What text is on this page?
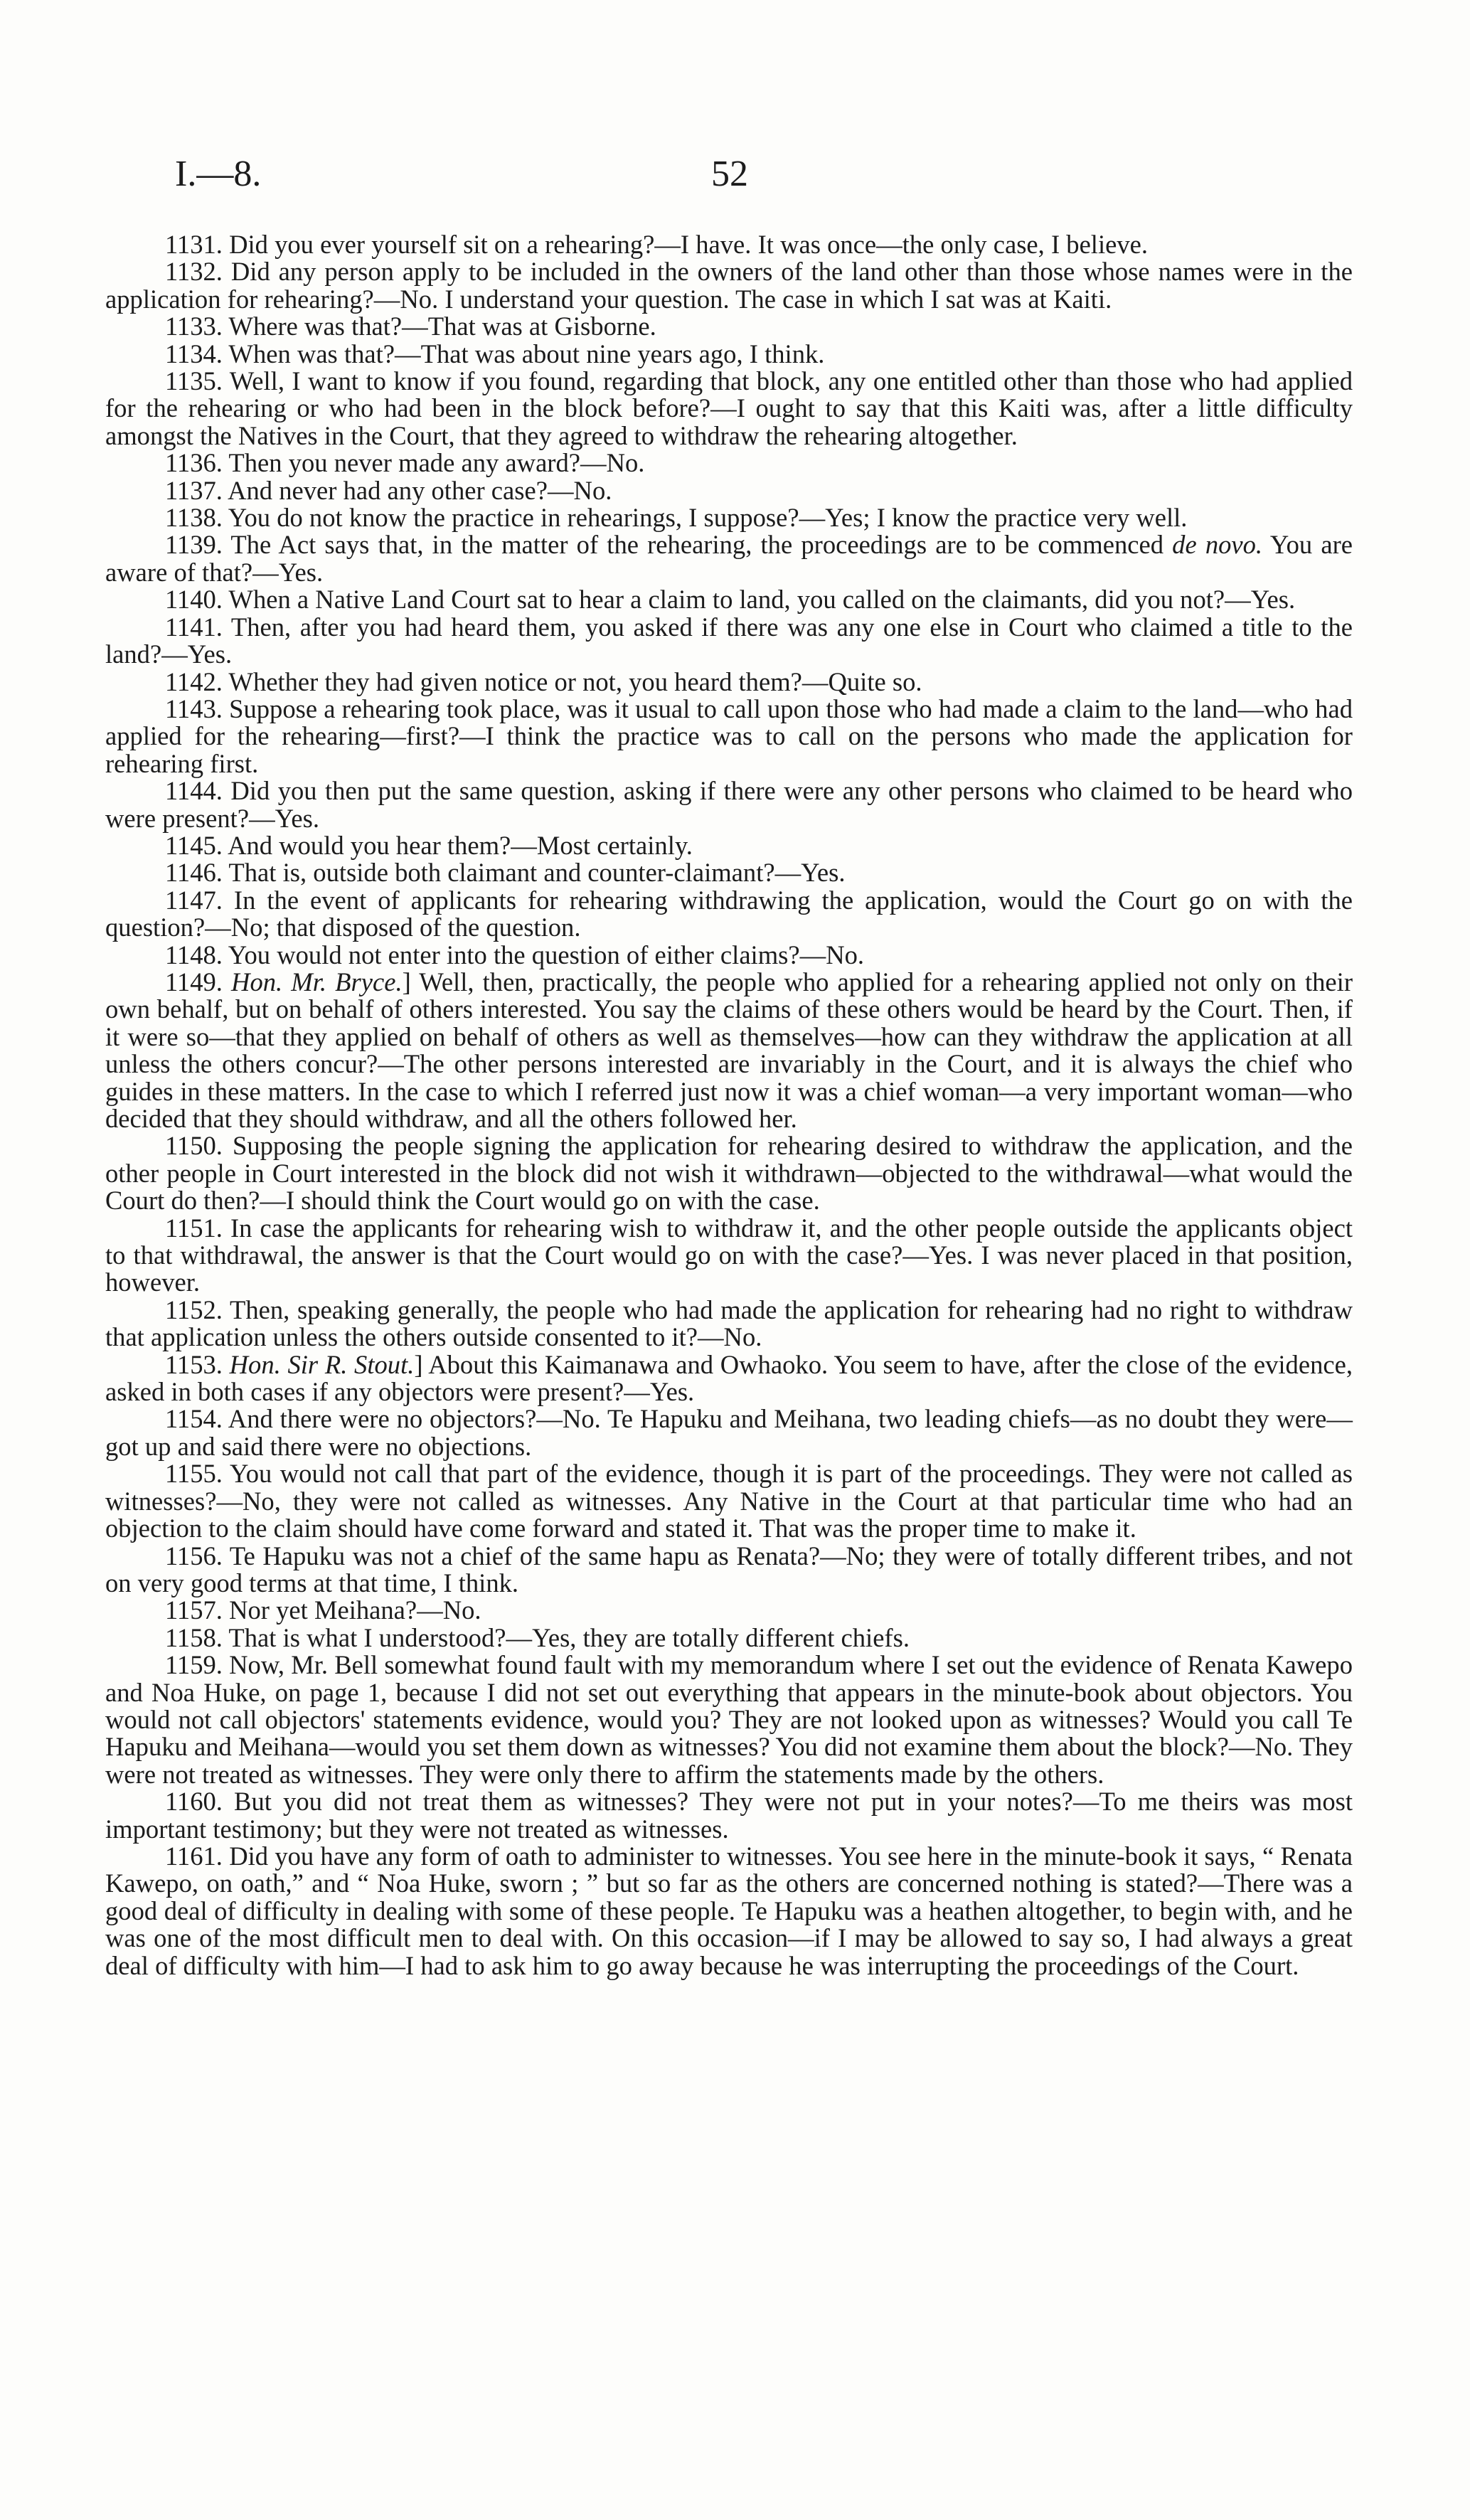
I.—8.	52

1131. Did you ever yourself sit on a rehearing?—I have. It was once—the only case, I believe.

1132. Did any person apply to be included in the owners of the land other than those whose names were in the application for rehearing?—No. I understand your question. The case in which I sat was at Kaiti.

1133. Where was that?—That was at Gisborne.

1134. When was that?—That was about nine years ago, I think.

1135. Well, I want to know if you found, regarding that block, any one entitled other than those who had applied for the rehearing or who had been in the block before?—I ought to say that this Kaiti was, after a little difficulty amongst the Natives in the Court, that they agreed to withdraw the rehearing altogether.

1136. Then you never made any award?—No.

1137. And never had any other case?—No.

1138. You do not know the practice in rehearings, I suppose?—Yes; I know the practice very well.

1139. The Act says that, in the matter of the rehearing, the proceedings are to be commenced de novo. You are aware of that?—Yes.

1140. When a Native Land Court sat to hear a claim to land, you called on the claimants, did you not?—Yes.

1141. Then, after you had heard them, you asked if there was any one else in Court who claimed a title to the land?—Yes.

1142. Whether they had given notice or not, you heard them?—Quite so.

1143. Suppose a rehearing took place, was it usual to call upon those who had made a claim to the land—who had applied for the rehearing—first?—I think the practice was to call on the persons who made the application for rehearing first.

1144. Did you then put the same question, asking if there were any other persons who claimed to be heard who were present?—Yes.

1145. And would you hear them?—Most certainly.

1146. That is, outside both claimant and counter-claimant?—Yes.

1147. In the event of applicants for rehearing withdrawing the application, would the Court go on with the question?—No; that disposed of the question.

1148. You would not enter into the question of either claims?—No.

1149. Hon. Mr. Bryce.] Well, then, practically, the people who applied for a rehearing applied not only on their own behalf, but on behalf of others interested. You say the claims of these others would be heard by the Court. Then, if it were so—that they applied on behalf of others as well as themselves—how can they withdraw the application at all unless the others concur?—The other persons interested are invariably in the Court, and it is always the chief who guides in these matters. In the case to which I referred just now it was a chief woman—a very important woman—who decided that they should withdraw, and all the others followed her.

1150. Supposing the people signing the application for rehearing desired to withdraw the application, and the other people in Court interested in the block did not wish it withdrawn—objected to the withdrawal—what would the Court do then?—I should think the Court would go on with the case.

1151. In case the applicants for rehearing wish to withdraw it, and the other people outside the applicants object to that withdrawal, the answer is that the Court would go on with the case?—Yes. I was never placed in that position, however.

1152. Then, speaking generally, the people who had made the application for rehearing had no right to withdraw that application unless the others outside consented to it?—No.

1153. Hon. Sir R. Stout.] About this Kaimanawa and Owhaoko. You seem to have, after the close of the evidence, asked in both cases if any objectors were present?—Yes.

1154. And there were no objectors?—No. Te Hapuku and Meihana, two leading chiefs—as no doubt they were—got up and said there were no objections.

1155. You would not call that part of the evidence, though it is part of the proceedings. They were not called as witnesses?—No, they were not called as witnesses. Any Native in the Court at that particular time who had an objection to the claim should have come forward and stated it. That was the proper time to make it.

1156. Te Hapuku was not a chief of the same hapu as Renata?—No; they were of totally different tribes, and not on very good terms at that time, I think.

1157. Nor yet Meihana?—No.

1158. That is what I understood?—Yes, they are totally different chiefs.

1159. Now, Mr. Bell somewhat found fault with my memorandum where I set out the evidence of Renata Kawepo and Noa Huke, on page 1, because I did not set out everything that appears in the minute-book about objectors. You would not call objectors' statements evidence, would you? They are not looked upon as witnesses? Would you call Te Hapuku and Meihana—would you set them down as witnesses? You did not examine them about the block?—No. They were not treated as witnesses. They were only there to affirm the statements made by the others.

1160. But you did not treat them as witnesses? They were not put in your notes?—To me theirs was most important testimony; but they were not treated as witnesses.

1161. Did you have any form of oath to administer to witnesses. You see here in the minute-book it says, “ Renata Kawepo, on oath,” and “ Noa Huke, sworn ; ” but so far as the others are concerned nothing is stated?—There was a good deal of difficulty in dealing with some of these people. Te Hapuku was a heathen altogether, to begin with, and he was one of the most difficult men to deal with. On this occasion—if I may be allowed to say so, I had always a great deal of difficulty with him—I had to ask him to go away because he was interrupting the proceedings of the Court.
